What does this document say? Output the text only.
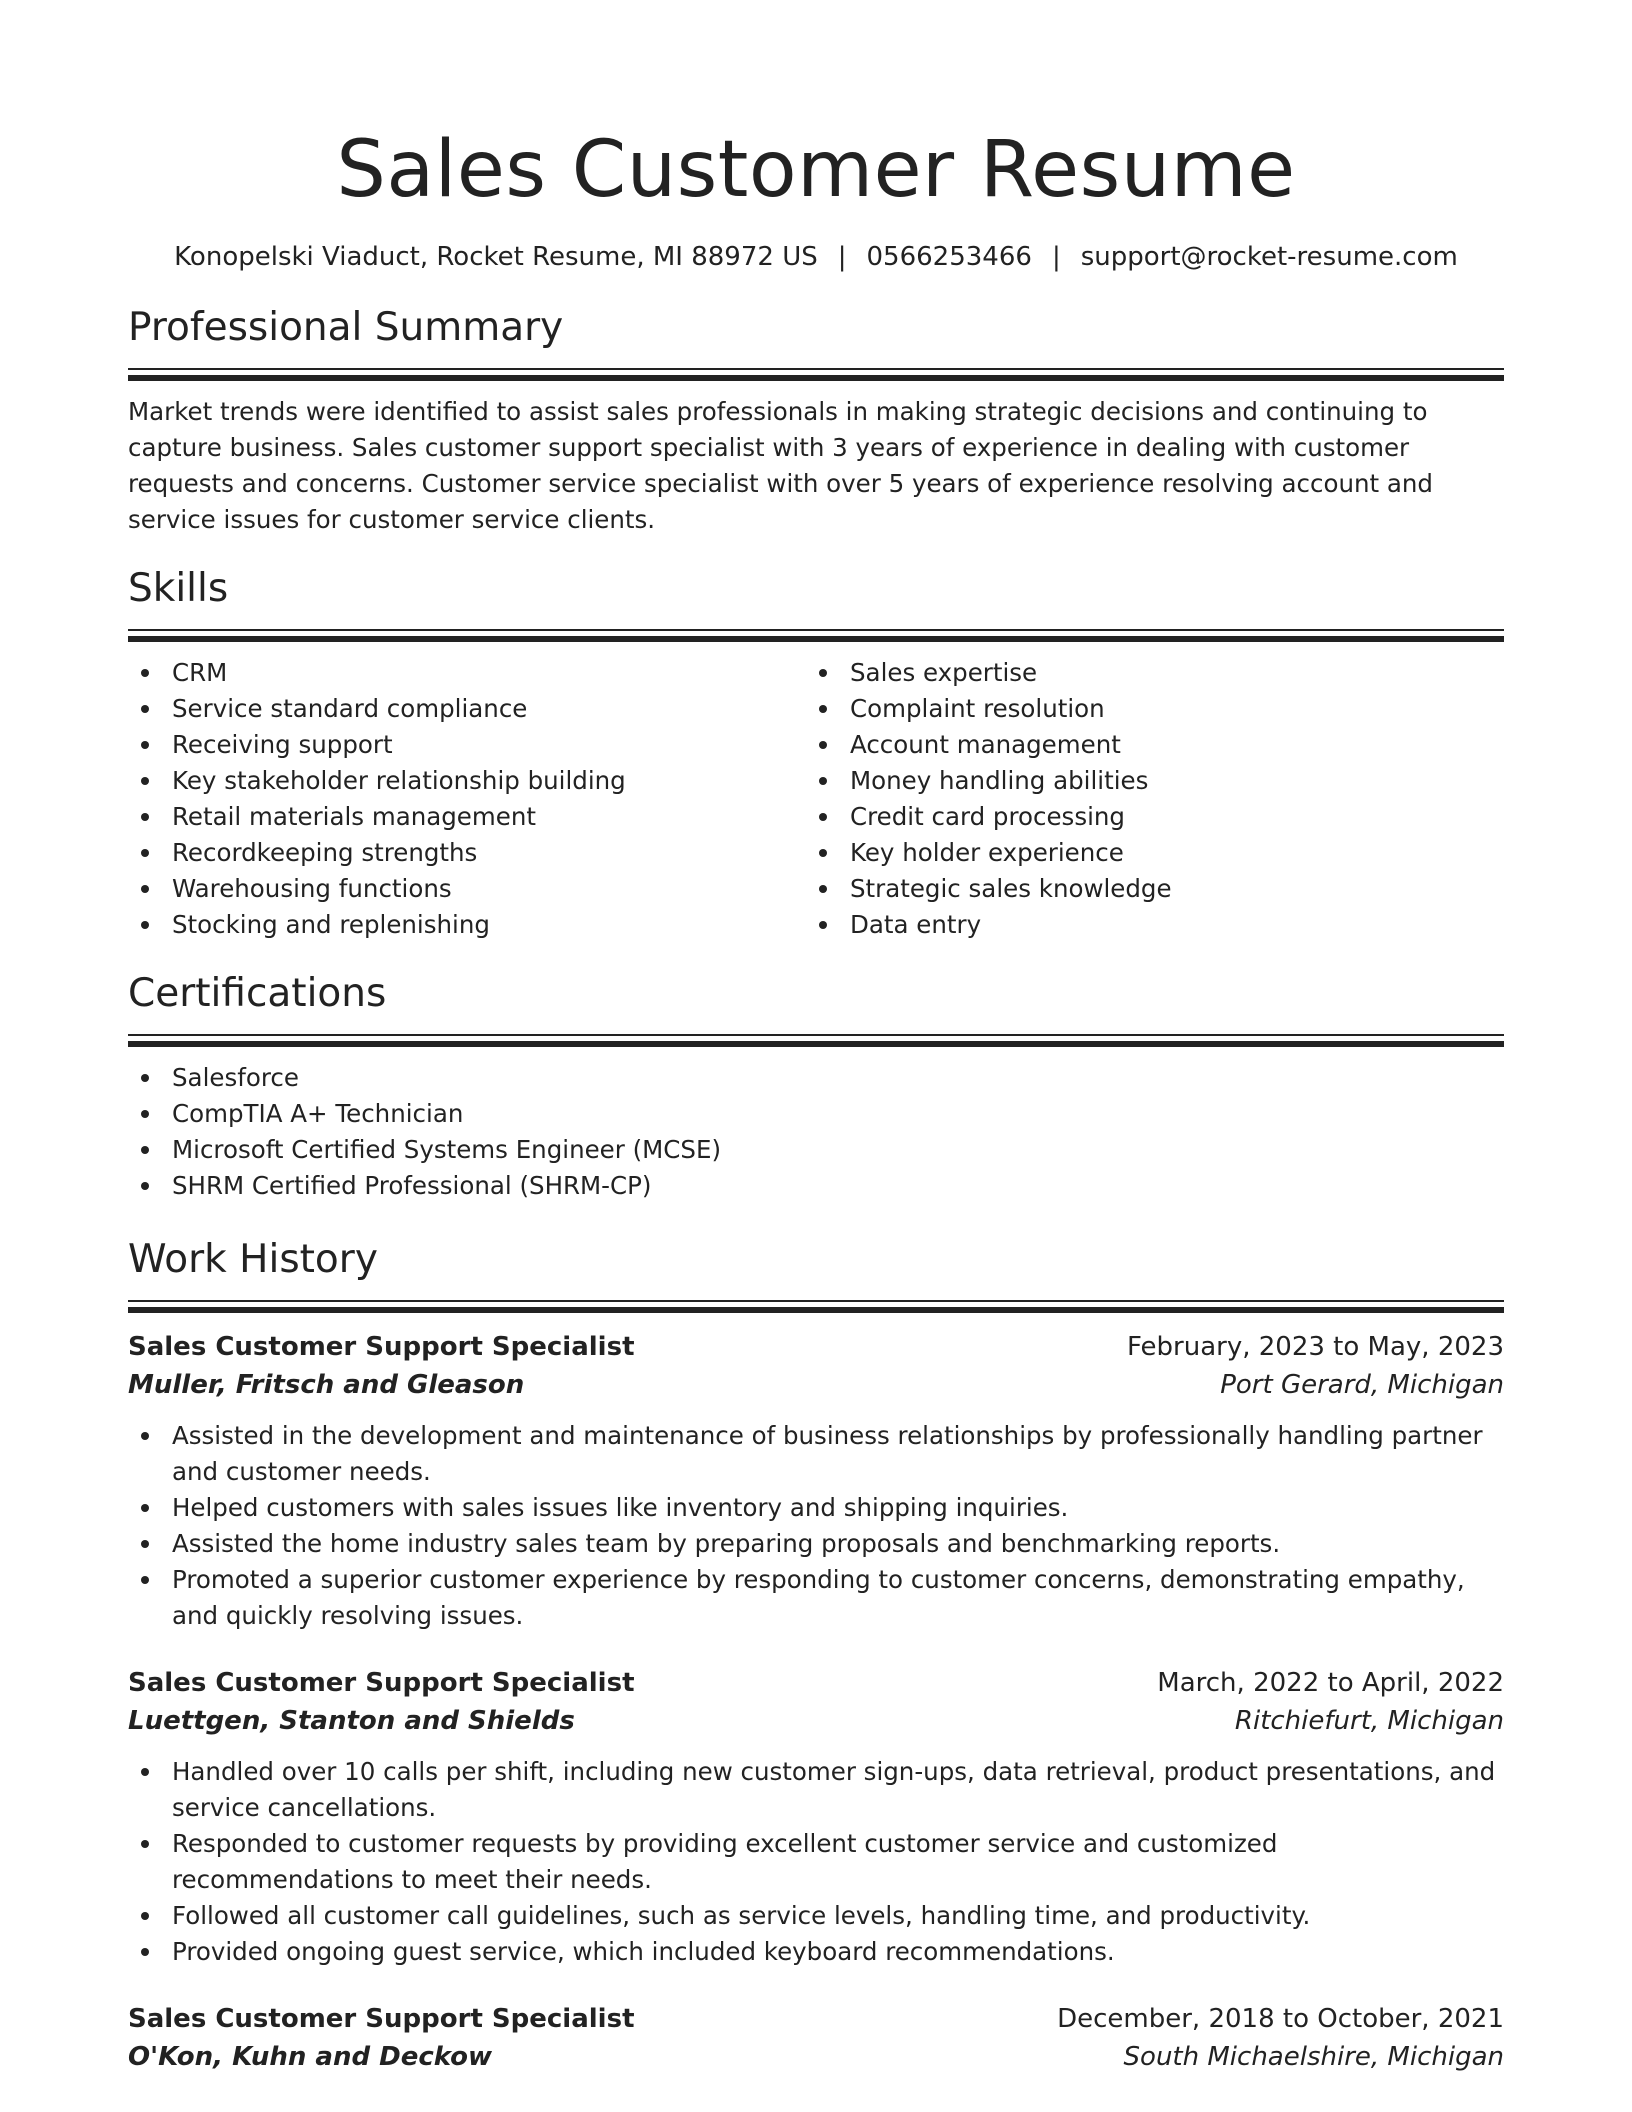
Sales Customer Resume
Konopelski Viaduct, Rocket Resume, MI 88972 US | 0566253466 | support@rocket-resume.com
Professional Summary
Market trends were identified to assist sales professionals in making strategic decisions and continuing to capture business. Sales customer support specialist with 3 years of experience in dealing with customer requests and concerns. Customer service specialist with over 5 years of experience resolving account and service issues for customer service clients.
Skills
CRM
Service standard compliance
Receiving support
Key stakeholder relationship building
Retail materials management
Recordkeeping strengths
Warehousing functions
Stocking and replenishing
Sales expertise
Complaint resolution
Account management
Money handling abilities
Credit card processing
Key holder experience
Strategic sales knowledge
Data entry
Certifications
Salesforce
CompTIA A+ Technician
Microsoft Certified Systems Engineer (MCSE)
SHRM Certified Professional (SHRM-CP)
Work History
Sales Customer Support Specialist	February, 2023 to May, 2023
Muller, Fritsch and Gleason	Port Gerard, Michigan
Assisted in the development and maintenance of business relationships by professionally handling partner and customer needs.
Helped customers with sales issues like inventory and shipping inquiries.
Assisted the home industry sales team by preparing proposals and benchmarking reports.
Promoted a superior customer experience by responding to customer concerns, demonstrating empathy, and quickly resolving issues.
Sales Customer Support Specialist	March, 2022 to April, 2022
Luettgen, Stanton and Shields	Ritchiefurt, Michigan
Handled over 10 calls per shift, including new customer sign-ups, data retrieval, product presentations, and service cancellations.
Responded to customer requests by providing excellent customer service and customized recommendations to meet their needs.
Followed all customer call guidelines, such as service levels, handling time, and productivity.
Provided ongoing guest service, which included keyboard recommendations.
Sales Customer Support Specialist	December, 2018 to October, 2021
O'Kon, Kuhn and Deckow	South Michaelshire, Michigan
